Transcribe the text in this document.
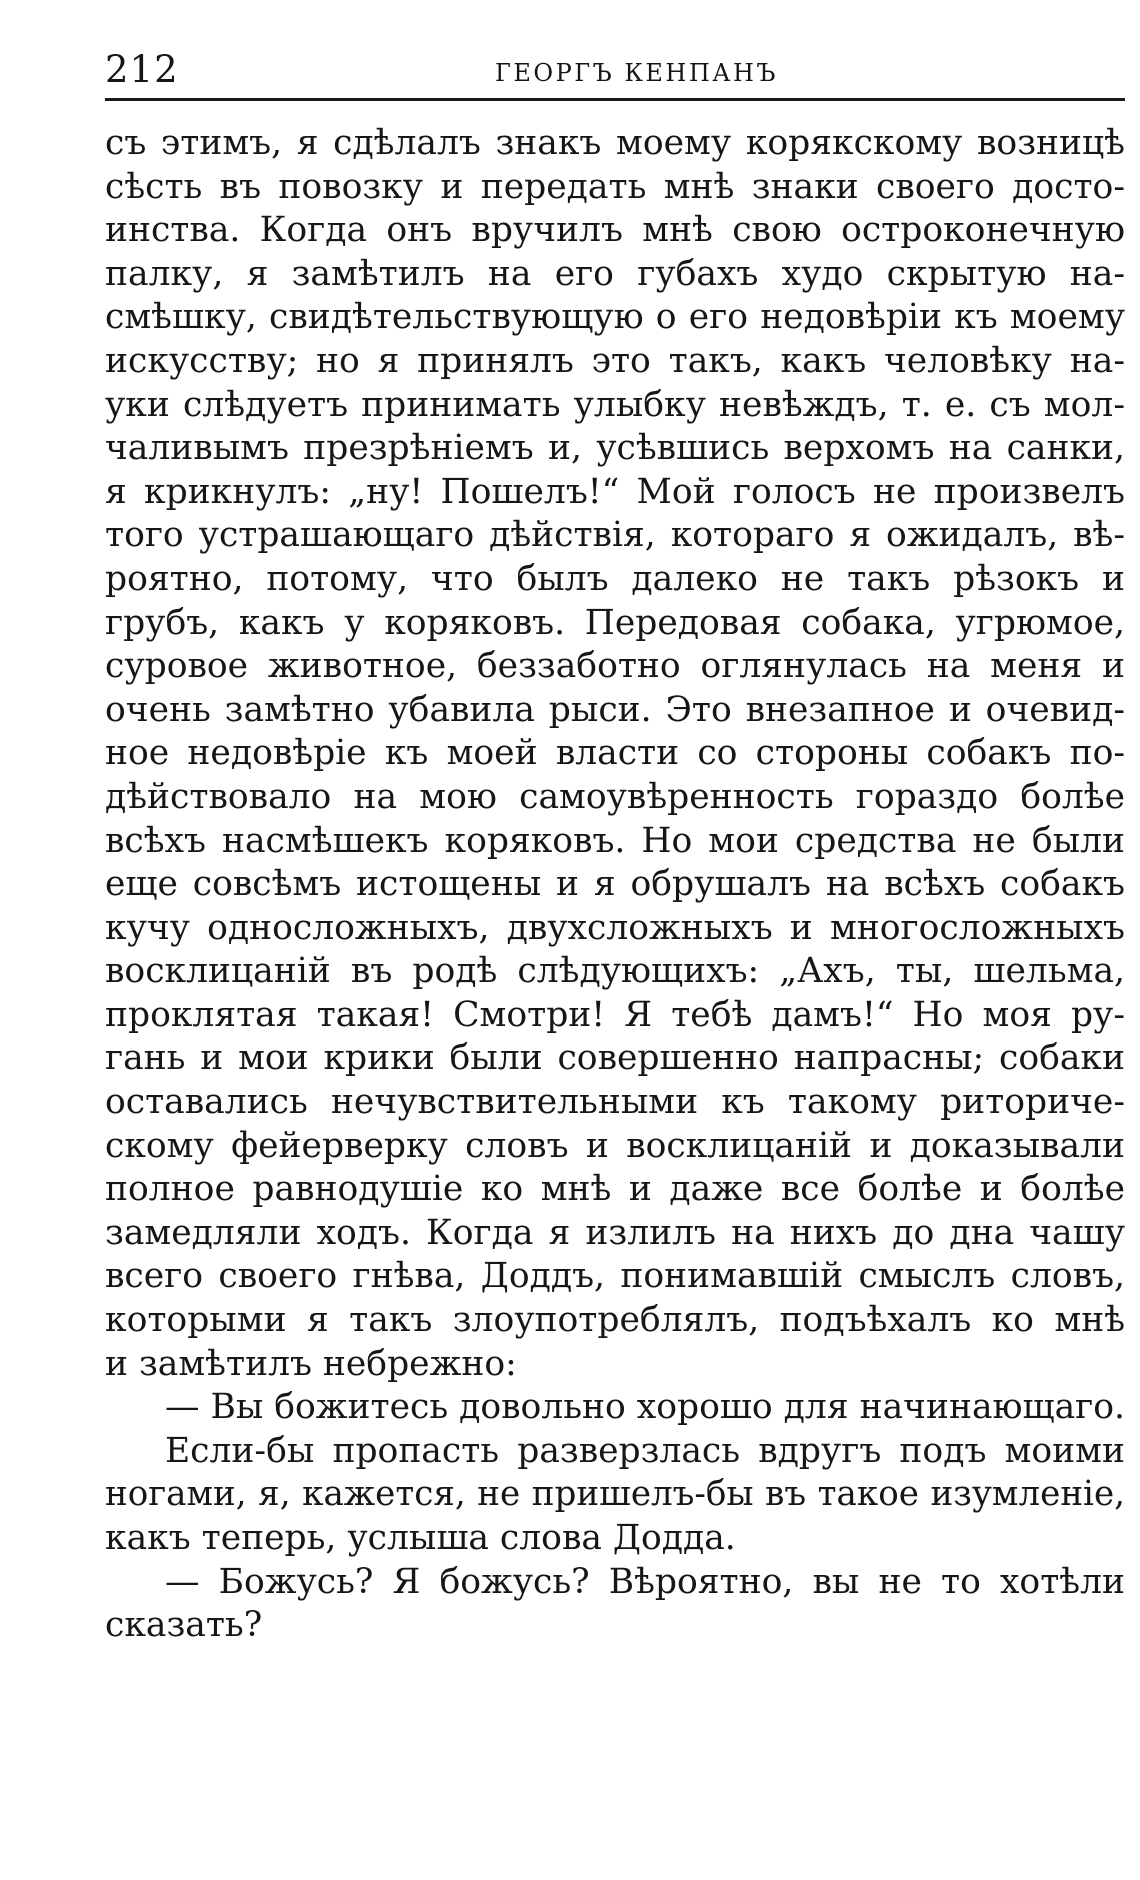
212	ГЕОРГЪ КЕНПАНЪ
съ этимъ, я сдѣлалъ знакъ моему корякскому возницѣ
сѣсть въ повозку и передать мнѣ знаки своего досто-
инства. Когда онъ вручилъ мнѣ свою остроконечную
палку, я замѣтилъ на его губахъ худо скрытую на-
смѣшку, свидѣтельствующую о его недовѣріи къ моему
искусству; но я принялъ это такъ, какъ человѣку на-
уки слѣдуетъ принимать улыбку невѣждъ, т. е. съ мол-
чаливымъ презрѣніемъ и, усѣвшись верхомъ на санки,
я крикнулъ: „ну! Пошелъ!“ Мой голосъ не произвелъ
того устрашающаго дѣйствія, котораго я ожидалъ, вѣ-
роятно, потому, что былъ далеко не такъ рѣзокъ и
грубъ, какъ у коряковъ. Передовая собака, угрюмое,
суровое животное, беззаботно оглянулась на меня и
очень замѣтно убавила рыси. Это внезапное и очевид-
ное недовѣріе къ моей власти со стороны собакъ по-
дѣйствовало на мою самоувѣренность гораздо болѣе
всѣхъ насмѣшекъ коряковъ. Но мои средства не были
еще совсѣмъ истощены и я обрушалъ на всѣхъ собакъ
кучу односложныхъ, двухсложныхъ и многосложныхъ
восклицаній въ родѣ слѣдующихъ: „Ахъ, ты, шельма,
проклятая такая! Смотри! Я тебѣ дамъ!“ Но моя ру-
гань и мои крики были совершенно напрасны; собаки
оставались нечувствительными къ такому риториче-
скому фейерверку словъ и восклицаній и доказывали
полное равнодушіе ко мнѣ и даже все болѣе и болѣе
замедляли ходъ. Когда я излилъ на нихъ до дна чашу
всего своего гнѣва, Доддъ, понимавшій смыслъ словъ,
которыми я такъ злоупотреблялъ, подъѣхалъ ко мнѣ
и замѣтилъ небрежно:
— Вы божитесь довольно хорошо для начинающаго.
Если-бы пропасть разверзлась вдругъ подъ моими
ногами, я, кажется, не пришелъ-бы въ такое изумленіе,
какъ теперь, услыша слова Додда.
— Божусь? Я божусь? Вѣроятно, вы не то хотѣли
сказать?
